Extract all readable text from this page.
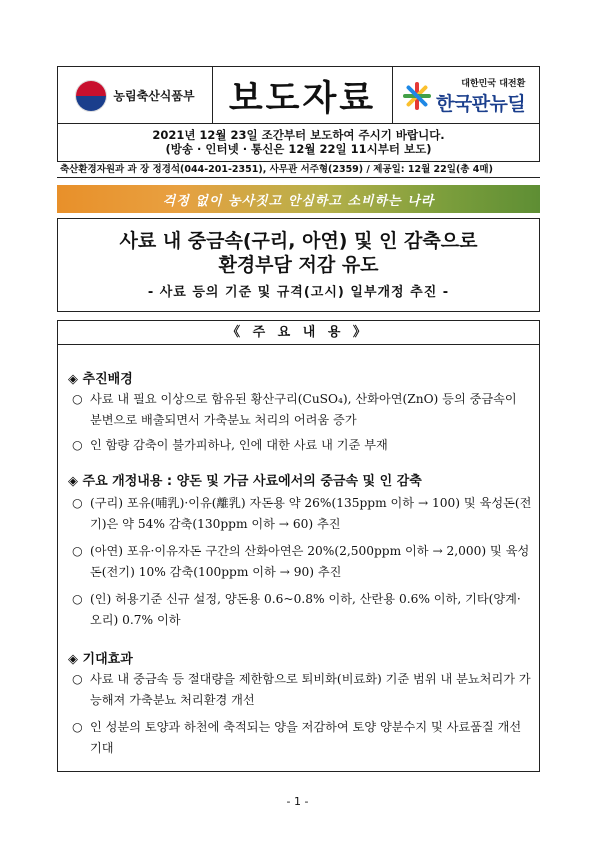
농림축산식품부 보도자료	대한민국 대전환
한국판뉴딜
2021년 12월 23일 조간부터 보도하여 주시기 바랍니다.
(방송 · 인터넷 · 통신은 12월 22일 11시부터 보도)
축산환경자원과 과 장 정경석(044-201-2351), 사무관 서주형(2359) / 제공일: 12월 22일(총 4매)
걱정 없이 농사짓고 안심하고 소비하는 나라
사료 내 중금속(구리, 아연) 및 인 감축으로
환경부담 저감 유도
- 사료 등의 기준 및 규격(고시) 일부개정 추진 -
《 주 요 내 용 》
◈ 추진배경
○ 사료 내 필요 이상으로 함유된 황산구리(CuSO₄), 산화아연(ZnO) 등의 중금속이 분변으로 배출되면서 가축분뇨 처리의 어려움 증가
○ 인 함량 감축이 불가피하나, 인에 대한 사료 내 기준 부재
◈ 주요 개정내용 : 양돈 및 가금 사료에서의 중금속 및 인 감축
○ (구리) 포유(哺乳)·이유(離乳) 자돈용 약 26%(135ppm 이하 → 100) 및 육성돈(전기)은 약 54% 감축(130ppm 이하 → 60) 추진
○ (아연) 포유·이유자돈 구간의 산화아연은 20%(2,500ppm 이하 → 2,000) 및 육성돈(전기) 10% 감축(100ppm 이하 → 90) 추진
○ (인) 허용기준 신규 설정, 양돈용 0.6~0.8% 이하, 산란용 0.6% 이하, 기타(양계·오리) 0.7% 이하
◈ 기대효과
○ 사료 내 중금속 등 절대량을 제한함으로 퇴비화(비료화) 기준 범위 내 분뇨처리가 가능해져 가축분뇨 처리환경 개선
○ 인 성분의 토양과 하천에 축적되는 양을 저감하여 토양 양분수지 및 사료품질 개선 기대
- 1 -
